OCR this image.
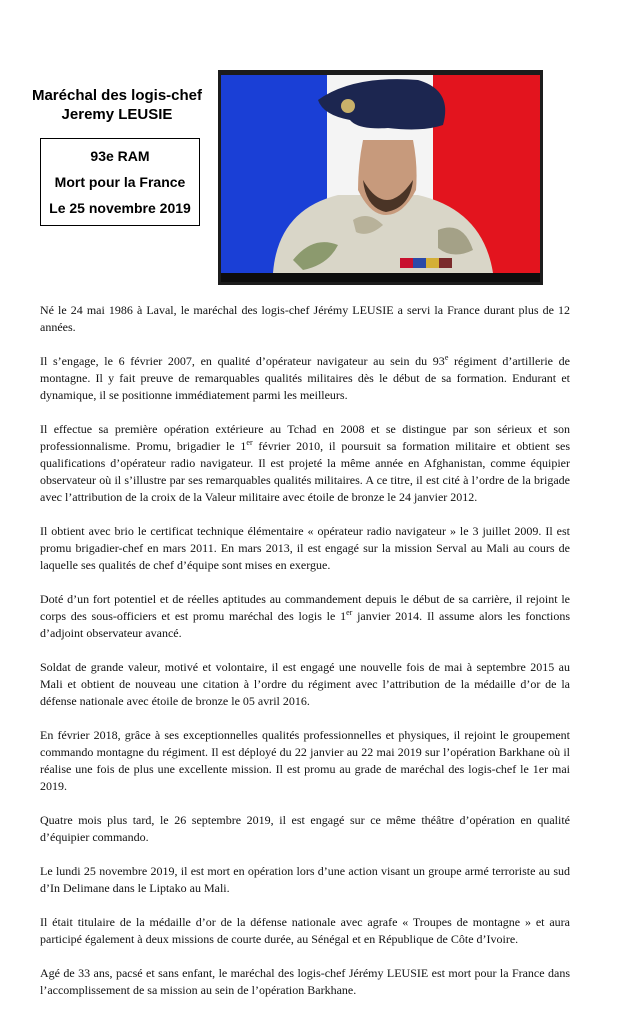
Maréchal des logis-chef
Jeremy LEUSIE
93e RAM
Mort pour la France
Le 25 novembre 2019

Né le 24 mai 1986 à Laval, le maréchal des logis-chef Jérémy LEUSIE a servi la France durant plus de 12 années.

Il s’engage, le 6 février 2007, en qualité d’opérateur navigateur au sein du 93e régiment d’artillerie de montagne. Il y fait preuve de remarquables qualités militaires dès le début de sa formation. Endurant et dynamique, il se positionne immédiatement parmi les meilleurs.

Il effectue sa première opération extérieure au Tchad en 2008 et se distingue par son sérieux et son professionnalisme. Promu, brigadier le 1er février 2010, il poursuit sa formation militaire et obtient ses qualifications d’opérateur radio navigateur. Il est projeté la même année en Afghanistan, comme équipier observateur où il s’illustre par ses remarquables qualités militaires. A ce titre, il est cité à l’ordre de la brigade avec l’attribution de la croix de la Valeur militaire avec étoile de bronze le 24 janvier 2012.

Il obtient avec brio le certificat technique élémentaire « opérateur radio navigateur » le 3 juillet 2009. Il est promu brigadier-chef en mars 2011. En mars 2013, il est engagé sur la mission Serval au Mali au cours de laquelle ses qualités de chef d’équipe sont mises en exergue.

Doté d’un fort potentiel et de réelles aptitudes au commandement depuis le début de sa carrière, il rejoint le corps des sous-officiers et est promu maréchal des logis le 1er janvier 2014. Il assume alors les fonctions d’adjoint observateur avancé.

Soldat de grande valeur, motivé et volontaire, il est engagé une nouvelle fois de mai à septembre 2015 au Mali et obtient de nouveau une citation à l’ordre du régiment avec l’attribution de la médaille d’or de la défense nationale avec étoile de bronze le 05 avril 2016.

En février 2018, grâce à ses exceptionnelles qualités professionnelles et physiques, il rejoint le groupement commando montagne du régiment. Il est déployé du 22 janvier au 22 mai 2019 sur l’opération Barkhane où il réalise une fois de plus une excellente mission. Il est promu au grade de maréchal des logis-chef le 1er mai 2019.

Quatre mois plus tard, le 26 septembre 2019, il est engagé sur ce même théâtre d’opération en qualité d’équipier commando.

Le lundi 25 novembre 2019, il est mort en opération lors d’une action visant un groupe armé terroriste au sud d’In Delimane dans le Liptako au Mali.

Il était titulaire de la médaille d’or de la défense nationale avec agrafe « Troupes de montagne » et aura participé également à deux missions de courte durée, au Sénégal et en République de Côte d’Ivoire.

Agé de 33 ans, pacsé et sans enfant, le maréchal des logis-chef Jérémy LEUSIE est mort pour la France dans l’accomplissement de sa mission au sein de l’opération Barkhane.
